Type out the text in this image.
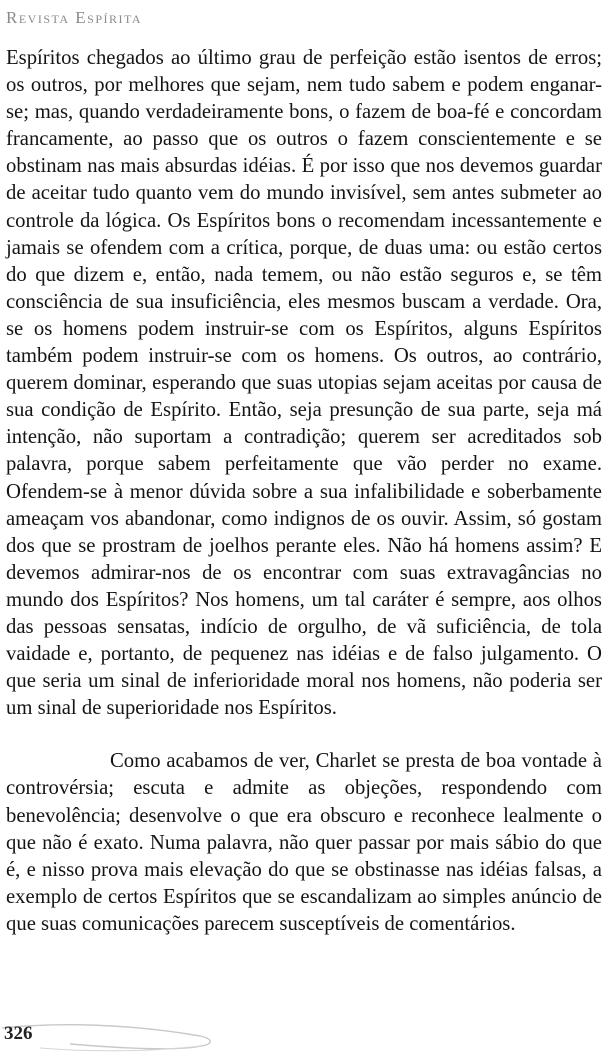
Revista Espírita

Espíritos chegados ao último grau de perfeição estão isentos de erros; os outros, por melhores que sejam, nem tudo sabem e podem enganar-se; mas, quando verdadeiramente bons, o fazem de boa-fé e concordam francamente, ao passo que os outros o fazem conscientemente e se obstinam nas mais absurdas idéias. É por isso que nos devemos guardar de aceitar tudo quanto vem do mundo invisível, sem antes submeter ao controle da lógica. Os Espíritos bons o recomendam incessantemente e jamais se ofendem com a crítica, porque, de duas uma: ou estão certos do que dizem e, então, nada temem, ou não estão seguros e, se têm consciência de sua insuficiência, eles mesmos buscam a verdade. Ora, se os homens podem instruir-se com os Espíritos, alguns Espíritos também podem instruir-se com os homens. Os outros, ao contrário, querem dominar, esperando que suas utopias sejam aceitas por causa de sua condição de Espírito. Então, seja presunção de sua parte, seja má intenção, não suportam a contradição; querem ser acreditados sob palavra, porque sabem perfeitamente que vão perder no exame. Ofendem-se à menor dúvida sobre a sua infalibilidade e soberbamente ameaçam vos abandonar, como indignos de os ouvir. Assim, só gostam dos que se prostram de joelhos perante eles. Não há homens assim? E devemos admirar-nos de os encontrar com suas extravagâncias no mundo dos Espíritos? Nos homens, um tal caráter é sempre, aos olhos das pessoas sensatas, indício de orgulho, de vã suficiência, de tola vaidade e, portanto, de pequenez nas idéias e de falso julgamento. O que seria um sinal de inferioridade moral nos homens, não poderia ser um sinal de superioridade nos Espíritos.

Como acabamos de ver, Charlet se presta de boa vontade à controvérsia; escuta e admite as objeções, respondendo com benevolência; desenvolve o que era obscuro e reconhece lealmente o que não é exato. Numa palavra, não quer passar por mais sábio do que é, e nisso prova mais elevação do que se obstinasse nas idéias falsas, a exemplo de certos Espíritos que se escandalizam ao simples anúncio de que suas comunicações parecem susceptíveis de comentários.

326
